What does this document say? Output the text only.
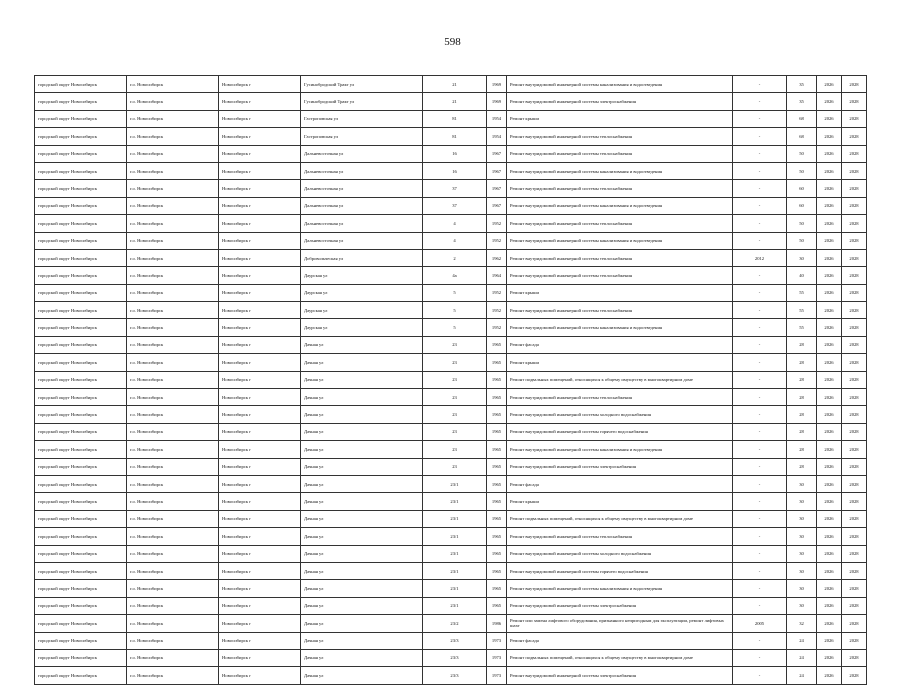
598
городской округ Новосибирск	г.о. Новосибирск	Новосибирск г	Гусинобродский Тракт ул	21	1969	Ремонт внутридомовой инженерной системы канализования и водоотведения	-	35	2026	2028
городской округ Новосибирск	г.о. Новосибирск	Новосибирск г	Гусинобродский Тракт ул	21	1969	Ремонт внутридомовой инженерной системы электроснабжения	-	35	2026	2028
городской округ Новосибирск	г.о. Новосибирск	Новосибирск г	Гастроповская ул	81	1954	Ремонт крыши	-	68	2026	2028
городской округ Новосибирск	г.о. Новосибирск	Новосибирск г	Гастроповская ул	81	1954	Ремонт внутридомовой инженерной системы теплоснабжения	-	68	2026	2028
городской округ Новосибирск	г.о. Новосибирск	Новосибирск г	Дальневосточная ул	16	1967	Ремонт внутридомовой инженерной системы теплоснабжения	-	50	2026	2028
городской округ Новосибирск	г.о. Новосибирск	Новосибирск г	Дальневосточная ул	16	1967	Ремонт внутридомовой инженерной системы канализования и водоотведения	-	50	2026	2028
городской округ Новосибирск	г.о. Новосибирск	Новосибирск г	Дальневосточная ул	37	1967	Ремонт внутридомовой инженерной системы теплоснабжения	-	60	2026	2028
городской округ Новосибирск	г.о. Новосибирск	Новосибирск г	Дальневосточная ул	37	1967	Ремонт внутридомовой инженерной системы канализования и водоотведения	-	60	2026	2028
городской округ Новосибирск	г.о. Новосибирск	Новосибирск г	Дальневосточная ул	4	1952	Ремонт внутридомовой инженерной системы теплоснабжения	-	50	2026	2028
городской округ Новосибирск	г.о. Новосибирск	Новосибирск г	Дальневосточная ул	4	1952	Ремонт внутридомовой инженерной системы канализования и водоотведения	-	50	2026	2028
городской округ Новосибирск	г.о. Новосибирск	Новосибирск г	Добровольческая ул	2	1962	Ремонт внутридомовой инженерной системы теплоснабжения	2012	30	2026	2028
городской округ Новосибирск	г.о. Новосибирск	Новосибирск г	Даурская ул	4а	1964	Ремонт внутридомовой инженерной системы теплоснабжения	-	40	2026	2028
городской округ Новосибирск	г.о. Новосибирск	Новосибирск г	Даурская ул	5	1952	Ремонт крыши	-	55	2026	2028
городской округ Новосибирск	г.о. Новосибирск	Новосибирск г	Даурская ул	5	1952	Ремонт внутридомовой инженерной системы теплоснабжения	-	55	2026	2028
городской округ Новосибирск	г.о. Новосибирск	Новосибирск г	Даурская ул	5	1952	Ремонт внутридомовой инженерной системы канализования и водоотведения	-	55	2026	2028
городской округ Новосибирск	г.о. Новосибирск	Новосибирск г	Дачная ул	23	1965	Ремонт фасада	-	28	2026	2028
городской округ Новосибирск	г.о. Новосибирск	Новосибирск г	Дачная ул	23	1965	Ремонт крыши	-	28	2026	2028
городской округ Новосибирск	г.о. Новосибирск	Новосибирск г	Дачная ул	23	1965	Ремонт подвальных помещений, относящихся к общему имуществу в многоквартирном доме	-	28	2026	2028
городской округ Новосибирск	г.о. Новосибирск	Новосибирск г	Дачная ул	23	1965	Ремонт внутридомовой инженерной системы теплоснабжения	-	28	2026	2028
городской округ Новосибирск	г.о. Новосибирск	Новосибирск г	Дачная ул	23	1965	Ремонт внутридомовой инженерной системы холодного водоснабжения	-	28	2026	2028
городской округ Новосибирск	г.о. Новосибирск	Новосибирск г	Дачная ул	23	1965	Ремонт внутридомовой инженерной системы горячего водоснабжения	-	28	2026	2028
городской округ Новосибирск	г.о. Новосибирск	Новосибирск г	Дачная ул	23	1965	Ремонт внутридомовой инженерной системы канализования и водоотведения	-	28	2026	2028
городской округ Новосибирск	г.о. Новосибирск	Новосибирск г	Дачная ул	23	1965	Ремонт внутридомовой инженерной системы электроснабжения	-	28	2026	2028
городской округ Новосибирск	г.о. Новосибирск	Новосибирск г	Дачная ул	23/1	1965	Ремонт фасада	-	30	2026	2028
городской округ Новосибирск	г.о. Новосибирск	Новосибирск г	Дачная ул	23/1	1965	Ремонт крыши	-	30	2026	2028
городской округ Новосибирск	г.о. Новосибирск	Новосибирск г	Дачная ул	23/1	1965	Ремонт подвальных помещений, относящихся к общему имуществу в многоквартирном доме	-	30	2026	2028
городской округ Новосибирск	г.о. Новосибирск	Новосибирск г	Дачная ул	23/1	1965	Ремонт внутридомовой инженерной системы теплоснабжения	-	30	2026	2028
городской округ Новосибирск	г.о. Новосибирск	Новосибирск г	Дачная ул	23/1	1965	Ремонт внутридомовой инженерной системы холодного водоснабжения	-	30	2026	2028
городской округ Новосибирск	г.о. Новосибирск	Новосибирск г	Дачная ул	23/1	1965	Ремонт внутридомовой инженерной системы горячего водоснабжения	-	30	2026	2028
городской округ Новосибирск	г.о. Новосибирск	Новосибирск г	Дачная ул	23/1	1965	Ремонт внутридомовой инженерной системы канализования и водоотведения	-	30	2026	2028
городской округ Новосибирск	г.о. Новосибирск	Новосибирск г	Дачная ул	23/1	1965	Ремонт внутридомовой инженерной системы электроснабжения	-	30	2026	2028
городской округ Новосибирск	г.о. Новосибирск	Новосибирск г	Дачная ул	23/2	1986	Ремонт или замена лифтового оборудования, признанного непригодным для эксплуатации, ремонт лифтовых шахт	2005	32	2026	2028
городской округ Новосибирск	г.о. Новосибирск	Новосибирск г	Дачная ул	23/3	1973	Ремонт фасада	-	24	2026	2028
городской округ Новосибирск	г.о. Новосибирск	Новосибирск г	Дачная ул	23/3	1973	Ремонт подвальных помещений, относящихся к общему имуществу в многоквартирном доме	-	24	2026	2028
городской округ Новосибирск	г.о. Новосибирск	Новосибирск г	Дачная ул	23/3	1973	Ремонт внутридомовой инженерной системы электроснабжения	-	24	2026	2028
